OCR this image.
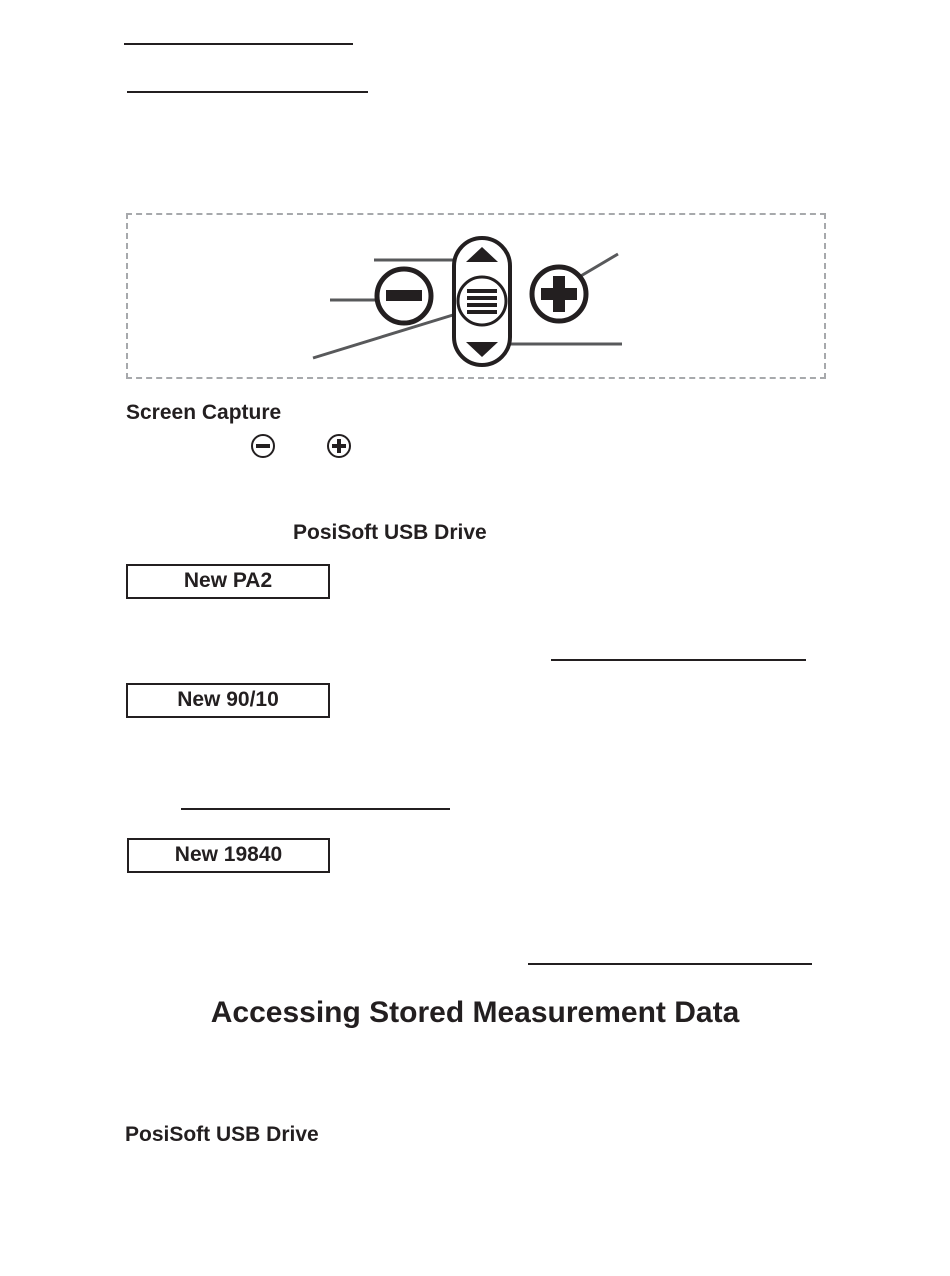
Screen Capture
PosiSoft USB Drive
New PA2
New 90/10
New 19840
Accessing Stored Measurement Data
PosiSoft USB Drive
